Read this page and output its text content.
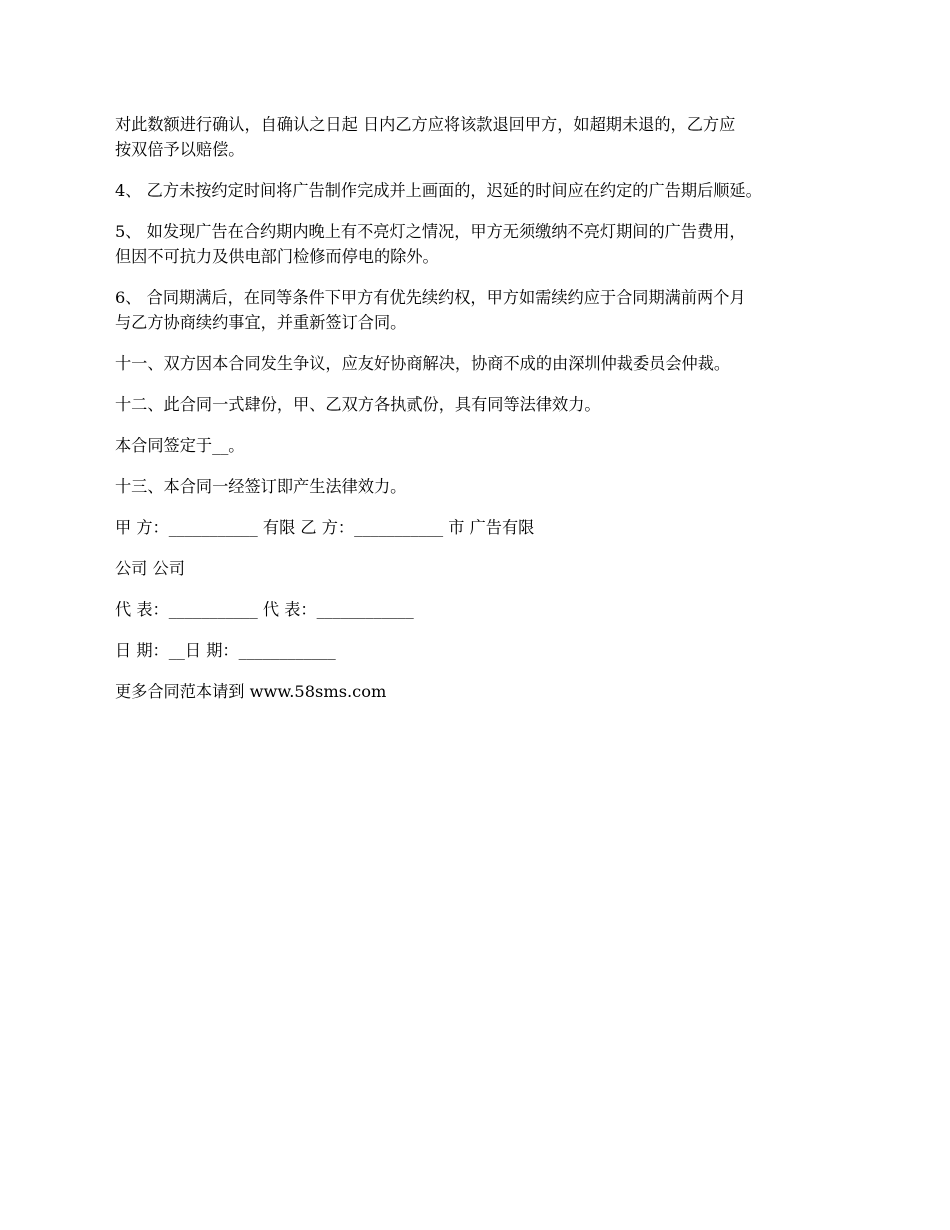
对此数额进行确认，自确认之日起 日内乙方应将该款退回甲方，如超期未退的，乙方应
按双倍予以赔偿。

4、 乙方未按约定时间将广告制作完成并上画面的，迟延的时间应在约定的广告期后顺延。

5、 如发现广告在合约期内晚上有不亮灯之情况，甲方无须缴纳不亮灯期间的广告费用，
但因不可抗力及供电部门检修而停电的除外。

6、 合同期满后，在同等条件下甲方有优先续约权，甲方如需续约应于合同期满前两个月
与乙方协商续约事宜，并重新签订合同。

十一、双方因本合同发生争议，应友好协商解决，协商不成的由深圳仲裁委员会仲裁。

十二、此合同一式肆份，甲、乙双方各执贰份，具有同等法律效力。

本合同签定于__。

十三、本合同一经签订即产生法律效力。

甲 方：___________ 有限 乙 方：___________ 市 广告有限

公司 公司

代 表：___________ 代 表：____________

日 期：__日 期：____________

更多合同范本请到 www.58sms.com
